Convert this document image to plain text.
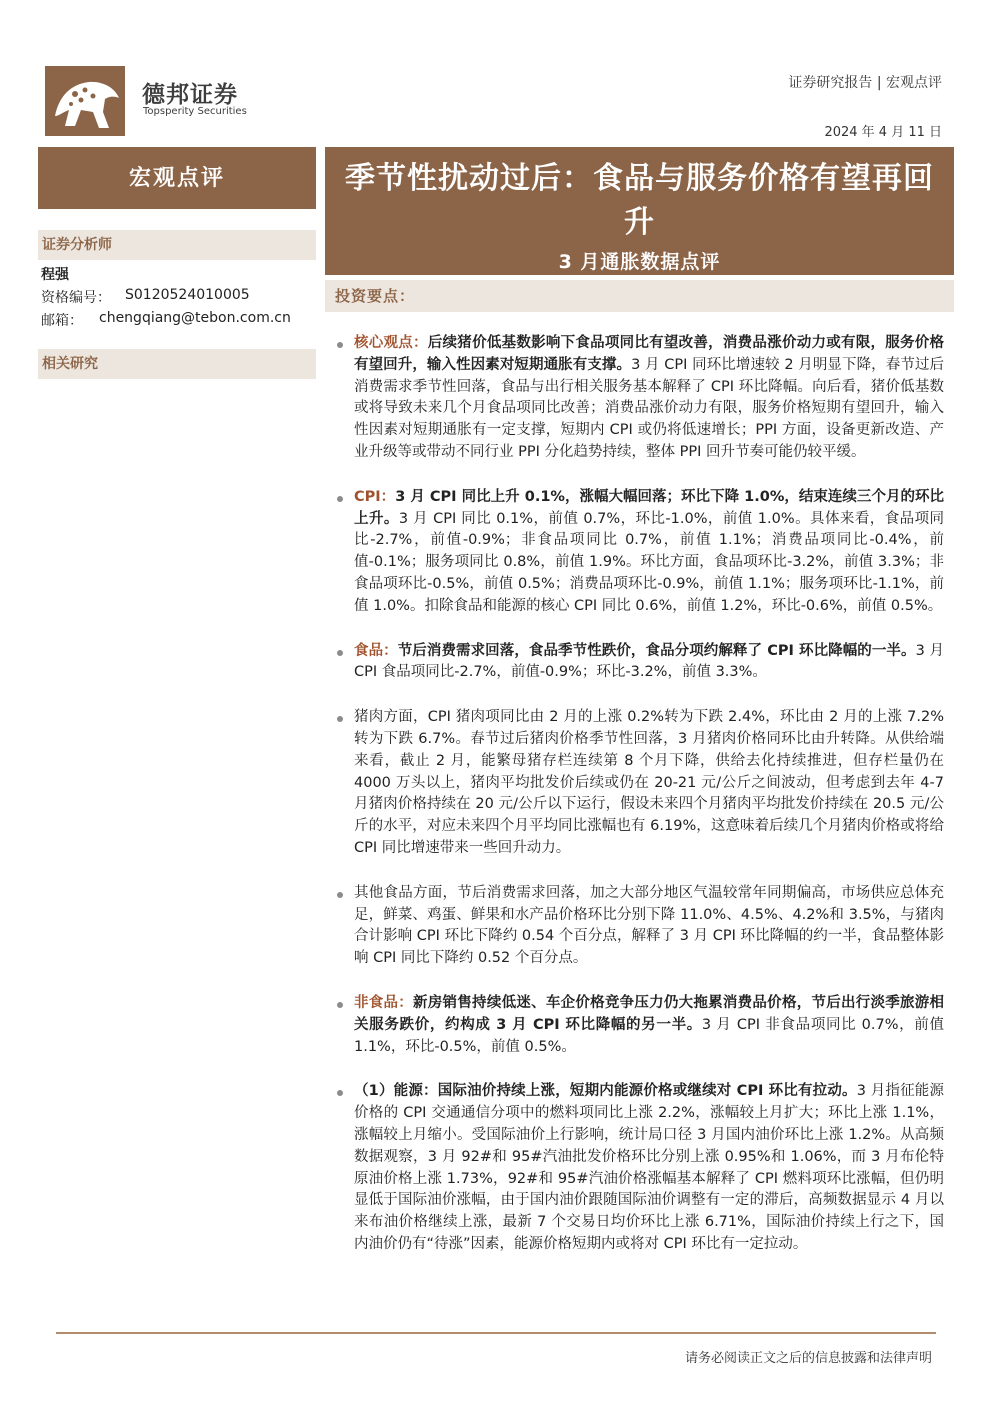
德邦证券
Topsperity Securities
证券研究报告 | 宏观点评
2024 年 4 月 11 日
宏观点评
证券分析师
程强
资格编号： S0120524010005
邮箱： chengqiang@tebon.com.cn
相关研究
季节性扰动过后：食品与服务价格有望再回升
3 月通胀数据点评
投资要点：
核心观点：后续猪价低基数影响下食品项同比有望改善，消费品涨价动力或有限，服务价格有望回升，输入性因素对短期通胀有支撑。3 月 CPI 同环比增速较 2 月明显下降，春节过后消费需求季节性回落，食品与出行相关服务基本解释了 CPI 环比降幅。向后看，猪价低基数或将导致未来几个月食品项同比改善；消费品涨价动力有限，服务价格短期有望回升，输入性因素对短期通胀有一定支撑，短期内 CPI 或仍将低速增长；PPI 方面，设备更新改造、产业升级等或带动不同行业 PPI 分化趋势持续，整体 PPI 回升节奏可能仍较平缓。
CPI：3 月 CPI 同比上升 0.1%，涨幅大幅回落；环比下降 1.0%，结束连续三个月的环比上升。3 月 CPI 同比 0.1%，前值 0.7%，环比-1.0%，前值 1.0%。具体来看，食品项同比-2.7%，前值-0.9%；非食品项同比 0.7%，前值 1.1%；消费品项同比-0.4%，前值-0.1%；服务项同比 0.8%，前值 1.9%。环比方面，食品项环比-3.2%，前值 3.3%；非食品项环比-0.5%，前值 0.5%；消费品项环比-0.9%，前值 1.1%；服务项环比-1.1%，前值 1.0%。扣除食品和能源的核心 CPI 同比 0.6%，前值 1.2%，环比-0.6%，前值 0.5%。
食品：节后消费需求回落，食品季节性跌价，食品分项约解释了 CPI 环比降幅的一半。3 月 CPI 食品项同比-2.7%，前值-0.9%；环比-3.2%，前值 3.3%。
猪肉方面，CPI 猪肉项同比由 2 月的上涨 0.2%转为下跌 2.4%，环比由 2 月的上涨 7.2%转为下跌 6.7%。春节过后猪肉价格季节性回落，3 月猪肉价格同环比由升转降。从供给端来看，截止 2 月，能繁母猪存栏连续第 8 个月下降，供给去化持续推进，但存栏量仍在 4000 万头以上，猪肉平均批发价后续或仍在 20-21 元/公斤之间波动，但考虑到去年 4-7 月猪肉价格持续在 20 元/公斤以下运行，假设未来四个月猪肉平均批发价持续在 20.5 元/公斤的水平，对应未来四个月平均同比涨幅也有 6.19%，这意味着后续几个月猪肉价格或将给 CPI 同比增速带来一些回升动力。
其他食品方面，节后消费需求回落，加之大部分地区气温较常年同期偏高，市场供应总体充足，鲜菜、鸡蛋、鲜果和水产品价格环比分别下降 11.0%、4.5%、4.2%和 3.5%，与猪肉合计影响 CPI 环比下降约 0.54 个百分点，解释了 3 月 CPI 环比降幅的约一半，食品整体影响 CPI 同比下降约 0.52 个百分点。
非食品：新房销售持续低迷、车企价格竞争压力仍大拖累消费品价格，节后出行淡季旅游相关服务跌价，约构成 3 月 CPI 环比降幅的另一半。3 月 CPI 非食品项同比 0.7%，前值 1.1%，环比-0.5%，前值 0.5%。
（1）能源：国际油价持续上涨，短期内能源价格或继续对 CPI 环比有拉动。3 月指征能源价格的 CPI 交通通信分项中的燃料项同比上涨 2.2%，涨幅较上月扩大；环比上涨 1.1%，涨幅较上月缩小。受国际油价上行影响，统计局口径 3 月国内油价环比上涨 1.2%。从高频数据观察，3 月 92#和 95#汽油批发价格环比分别上涨 0.95%和 1.06%，而 3 月布伦特原油价格上涨 1.73%，92#和 95#汽油价格涨幅基本解释了 CPI 燃料项环比涨幅，但仍明显低于国际油价涨幅，由于国内油价跟随国际油价调整有一定的滞后，高频数据显示 4 月以来布油价格继续上涨，最新 7 个交易日均价环比上涨 6.71%，国际油价持续上行之下，国内油价仍有“待涨”因素，能源价格短期内或将对 CPI 环比有一定拉动。
请务必阅读正文之后的信息披露和法律声明
